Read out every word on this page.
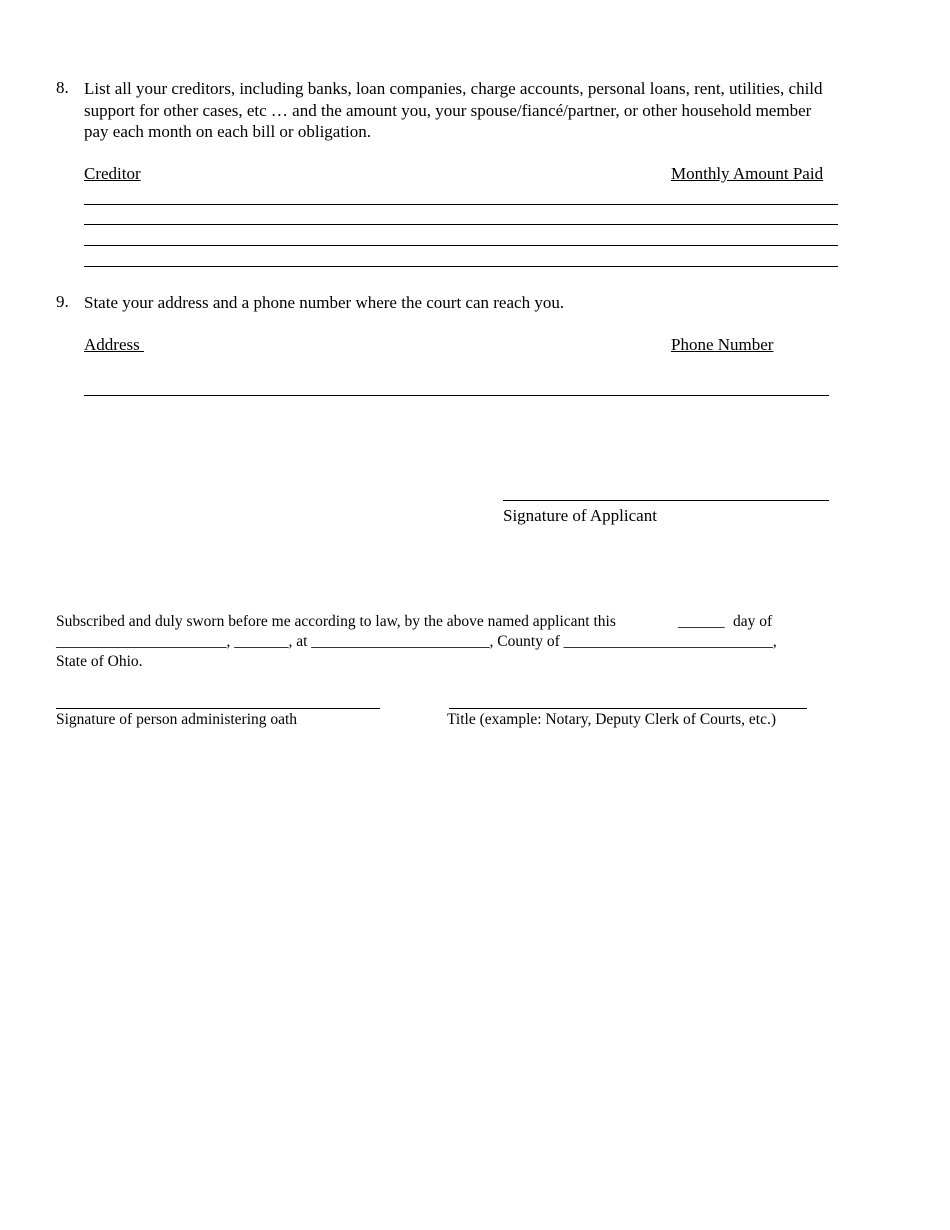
8. List all your creditors, including banks, loan companies, charge accounts, personal loans, rent, utilities, child
support for other cases, etc … and the amount you, your spouse/fiancé/partner, or other household member
pay each month on each bill or obligation.
Creditor	Monthly Amount Paid
9. State your address and a phone number where the court can reach you.
Address	Phone Number
Signature of Applicant
Subscribed and duly sworn before me according to law, by the above named applicant this	______ day of
______________________, _______, at _______________________, County of ___________________________,
State of Ohio.
Signature of person administering oath	Title (example: Notary, Deputy Clerk of Courts, etc.)
